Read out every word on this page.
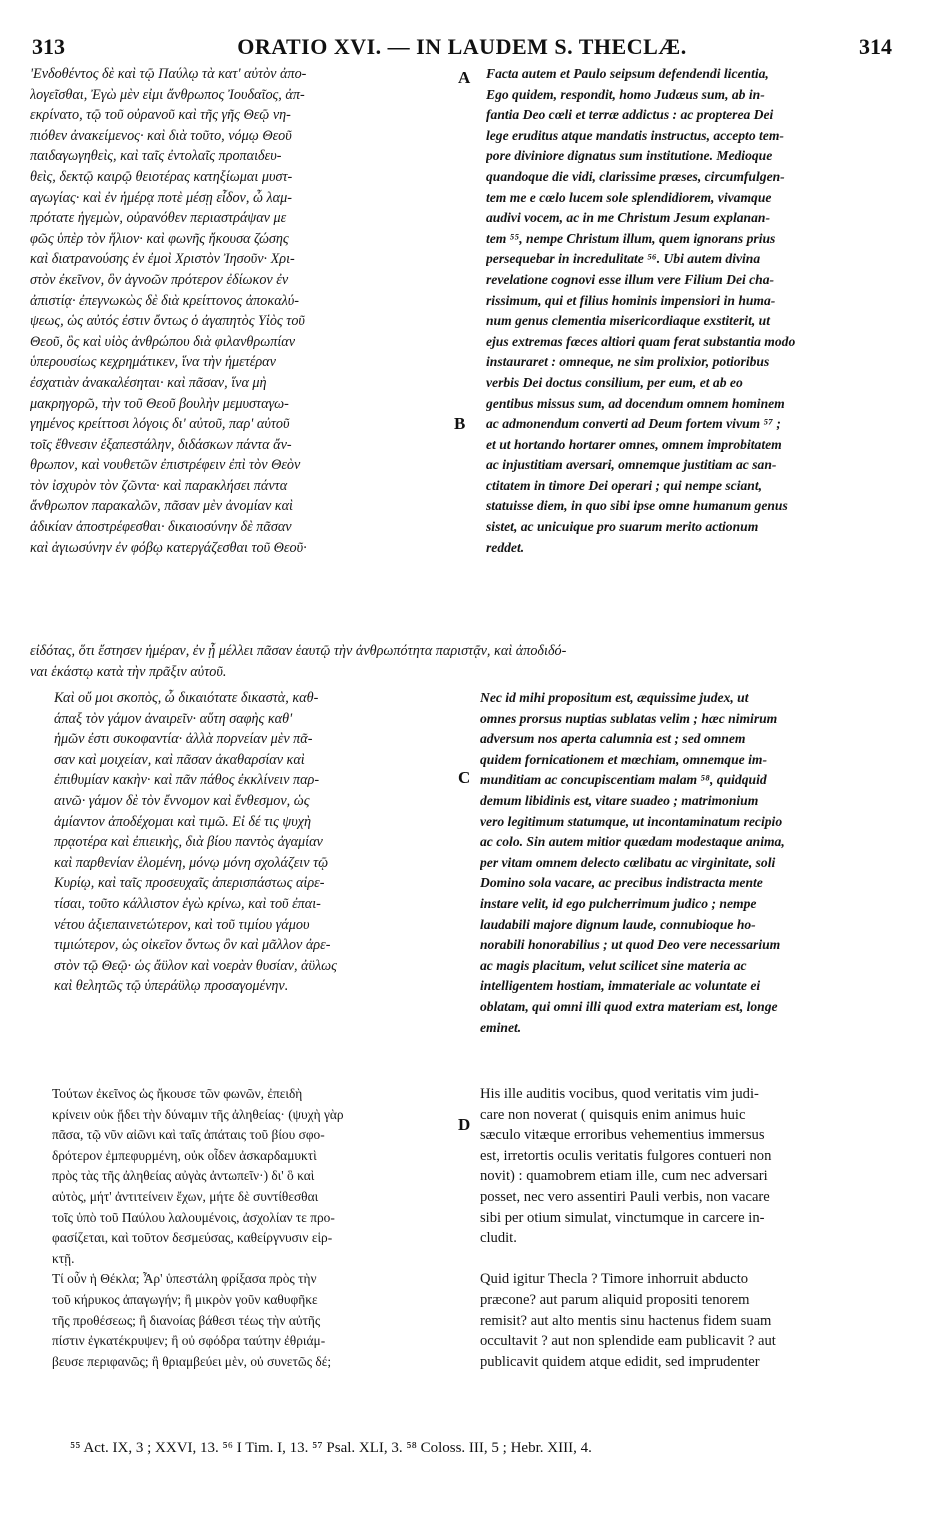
313	ORATIO XVI. — IN LAUDEM S. THECLÆ.	314
A
B
C
D
'Ενδοθέντος δὲ καὶ τῷ Παύλῳ τὰ κατ' αὐτὸν ἀπο-
λογεῖσθαι, Ἐγὼ μὲν εἰμι ἄνθρωπος Ἰουδαῖος, ἀπ-
εκρίνατο, τῷ τοῦ οὐρανοῦ καὶ τῆς γῆς Θεῷ νη-
πιόθεν ἀνακείμενος· καὶ διὰ τοῦτο, νόμῳ Θεοῦ
παιδαγωγηθεὶς, καὶ ταῖς ἐντολαῖς προπαιδευ-
θεὶς, δεκτῷ καιρῷ θειοτέρας κατηξίωμαι μυστ-
αγωγίας· καὶ ἐν ἡμέρᾳ ποτὲ μέσῃ εἶδον, ὦ λαμ-
πρότατε ἡγεμὼν, οὐρανόθεν περιαστράψαν με
φῶς ὑπὲρ τὸν ἥλιον· καὶ φωνῆς ἤκουσα ζώσης
καὶ διατρανούσης ἐν ἐμοὶ Χριστὸν Ἰησοῦν· Χρι-
στὸν ἐκεῖνον, ὃν ἀγνοῶν πρότερον ἐδίωκον ἐν
ἀπιστίᾳ· ἐπεγνωκὼς δὲ διὰ κρείττονος ἀποκαλύ-
ψεως, ὡς αὐτός ἐστιν ὄντως ὁ ἀγαπητὸς Υἱὸς τοῦ
Θεοῦ, ὃς καὶ υἱὸς ἀνθρώπου διὰ φιλανθρωπίαν
ὑπερουσίως κεχρημάτικεν, ἵνα τὴν ἡμετέραν
ἐσχατιὰν ἀνακαλέσηται· καὶ πᾶσαν, ἵνα μὴ
μακρηγορῶ, τὴν τοῦ Θεοῦ βουλὴν μεμυσταγω-
γημένος κρείττοσι λόγοις δι' αὐτοῦ, παρ' αὐτοῦ
τοῖς ἔθνεσιν ἐξαπεστάλην, διδάσκων πάντα ἄν-
θρωπον, καὶ νουθετῶν ἐπιστρέφειν ἐπὶ τὸν Θεὸν
τὸν ἰσχυρὸν τὸν ζῶντα· καὶ παρακλήσει πάντα
ἄνθρωπον παρακαλῶν, πᾶσαν μὲν ἀνομίαν καὶ
ἀδικίαν ἀποστρέφεσθαι· δικαιοσύνην δὲ πᾶσαν
καὶ ἁγιωσύνην ἐν φόβῳ κατεργάζεσθαι τοῦ Θεοῦ·
Facta autem et Paulo seipsum defendendi licentia,
Ego quidem, respondit, homo Judæus sum, ab in-
fantia Deo cœli et terræ addictus : ac propterea Dei
lege eruditus atque mandatis instructus, accepto tem-
pore diviniore dignatus sum institutione. Medioque
quandoque die vidi, clarissime præses, circumfulgen-
tem me e cœlo lucem sole splendidiorem, vivamque
audivi vocem, ac in me Christum Jesum explanan-
tem ⁵⁵, nempe Christum illum, quem ignorans prius
persequebar in incredulitate ⁵⁶. Ubi autem divina
revelatione cognovi esse illum vere Filium Dei cha-
rissimum, qui et filius hominis impensiori in huma-
num genus clementia misericordiaque exstiterit, ut
ejus extremas fæces altiori quam ferat substantia modo
instauraret : omneque, ne sim prolixior, potioribus
verbis Dei doctus consilium, per eum, et ab eo
gentibus missus sum, ad docendum omnem hominem
ac admonendum converti ad Deum fortem vivum ⁵⁷ ;
et ut hortando hortarer omnes, omnem improbitatem
ac injustitiam aversari, omnemque justitiam ac san-
ctitatem in timore Dei operari ; qui nempe sciant,
statuisse diem, in quo sibi ipse omne humanum genus
sistet, ac unicuique pro suarum merito actionum
reddet.
εἰδότας, ὅτι ἔστησεν ἡμέραν, ἐν ᾗ μέλλει πᾶσαν ἑαυτῷ τὴν ἀνθρωπότητα παριστᾷν, καὶ ἀποδιδό-
ναι ἑκάστῳ κατὰ τὴν πρᾶξιν αὐτοῦ.
Καὶ οὔ μοι σκοπὸς, ὦ δικαιότατε δικαστὰ, καθ-
άπαξ τὸν γάμον ἀναιρεῖν· αὕτη σαφὴς καθ'
ἡμῶν ἐστι συκοφαντία· ἀλλὰ πορνείαν μὲν πᾶ-
σαν καὶ μοιχείαν, καὶ πᾶσαν ἀκαθαρσίαν καὶ
ἐπιθυμίαν κακὴν· καὶ πᾶν πάθος ἐκκλίνειν παρ-
αινῶ· γάμον δὲ τὸν ἔννομον καὶ ἔνθεσμον, ὡς
ἀμίαντον ἀποδέχομαι καὶ τιμῶ. Εἰ δέ τις ψυχὴ
πρᾳοτέρα καὶ ἐπιεικὴς, διὰ βίου παντὸς ἀγαμίαν
καὶ παρθενίαν ἑλομένη, μόνῳ μόνη σχολάζειν τῷ
Κυρίῳ, καὶ ταῖς προσευχαῖς ἀπερισπάστως αἱρε-
τίσαι, τοῦτο κάλλιστον ἐγὼ κρίνω, καὶ τοῦ ἐπαι-
νέτου ἀξιεπαινετώτερον, καὶ τοῦ τιμίου γάμου
τιμιώτερον, ὡς οἰκεῖον ὄντως ὂν καὶ μᾶλλον ἀρε-
στὸν τῷ Θεῷ· ὡς ἄϋλον καὶ νοερὰν θυσίαν, ἀϋλως
καὶ θελητῶς τῷ ὑπεράϋλῳ προσαγομένην.
Nec id mihi propositum est, æquissime judex, ut
omnes prorsus nuptias sublatas velim ; hæc nimirum
adversum nos aperta calumnia est ; sed omnem
quidem fornicationem et mœchiam, omnemque im-
munditiam ac concupiscentiam malam ⁵⁸, quidquid
demum libidinis est, vitare suadeo ; matrimonium
vero legitimum statumque, ut incontaminatum recipio
ac colo. Sin autem mitior quædam modestaque anima,
per vitam omnem delecto cœlibatu ac virginitate, soli
Domino sola vacare, ac precibus indistracta mente
instare velit, id ego pulcherrimum judico ; nempe
laudabili majore dignum laude, connubioque ho-
norabili honorabilius ; ut quod Deo vere necessarium
ac magis placitum, velut scilicet sine materia ac
intelligentem hostiam, immateriale ac voluntate ei
oblatam, qui omni illi quod extra materiam est, longe
eminet.
Τούτων ἐκεῖνος ὡς ἤκουσε τῶν φωνῶν, ἐπειδὴ
κρίνειν οὐκ ᾔδει τὴν δύναμιν τῆς ἀληθείας· (ψυχὴ γὰρ
πᾶσα, τῷ νῦν αἰῶνι καὶ ταῖς ἀπάταις τοῦ βίου σφο-
δρότερον ἐμπεφυρμένη, οὐκ οἶδεν ἀσκαρδαμυκτὶ
πρὸς τὰς τῆς ἀληθείας αὐγὰς ἀντωπεῖν·) δι' ὃ καὶ
αὐτὸς, μήτ' ἀντιτείνειν ἔχων, μήτε δὲ συντίθεσθαι
τοῖς ὑπὸ τοῦ Παύλου λαλουμένοις, ἀσχολίαν τε προ-
φασίζεται, καὶ τοῦτον δεσμεύσας, καθείργνυσιν εἱρ-
κτῇ.
Τί οὖν ἡ Θέκλα; Ἆρ' ὑπεστάλη φρίξασα πρὸς τὴν
τοῦ κήρυκος ἀπαγωγήν; ἢ μικρὸν γοῦν καθυφῆκε
τῆς προθέσεως; ἢ διανοίας βάθεσι τέως τὴν αὐτῆς
πίστιν ἐγκατέκρυψεν; ἢ οὐ σφόδρα ταύτην ἐθριάμ-
βευσε περιφανῶς; ἢ θριαμβεύει μὲν, οὐ συνετῶς δέ;
His ille auditis vocibus, quod veritatis vim judi-
care non noverat ( quisquis enim animus huic
sæculo vitæque erroribus vehementius immersus
est, irretortis oculis veritatis fulgores contueri non
novit) : quamobrem etiam ille, cum nec adversari
posset, nec vero assentiri Pauli verbis, non vacare
sibi per otium simulat, vinctumque in carcere in-
cludit.

Quid igitur Thecla ? Timore inhorruit abducto
præcone? aut parum aliquid propositi tenorem
remisit? aut alto mentis sinu hactenus fidem suam
occultavit ? aut non splendide eam publicavit ? aut
publicavit quidem atque edidit, sed imprudenter
⁵⁵ Act. IX, 3 ; XXVI, 13. ⁵⁶ I Tim. I, 13. ⁵⁷ Psal. XLI, 3. ⁵⁸ Coloss. III, 5 ; Hebr. XIII, 4.
